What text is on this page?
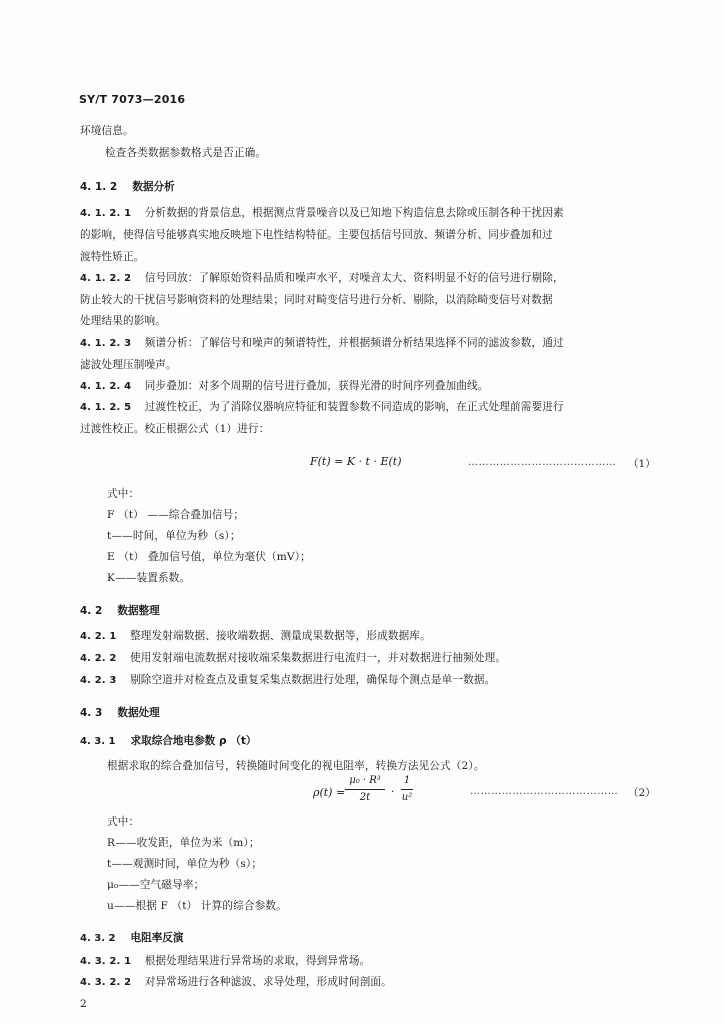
SY/T 7073—2016
环境信息。
检查各类数据参数格式是否正确。
4. 1. 2 数据分析
4. 1. 2. 1 分析数据的背景信息，根据测点背景噪音以及已知地下构造信息去除或压制各种干扰因素
的影响，使得信号能够真实地反映地下电性结构特征。主要包括信号回放、频谱分析、同步叠加和过
渡特性矫正。
4. 1. 2. 2 信号回放：了解原始资料品质和噪声水平，对噪音太大、资料明显不好的信号进行剔除，
防止较大的干扰信号影响资料的处理结果；同时对畸变信号进行分析、剔除，以消除畸变信号对数据
处理结果的影响。
4. 1. 2. 3 频谱分析：了解信号和噪声的频谱特性，并根据频谱分析结果选择不同的滤波参数，通过
滤波处理压制噪声。
4. 1. 2. 4 同步叠加：对多个周期的信号进行叠加，获得光滑的时间序列叠加曲线。
4. 1. 2. 5 过渡性校正，为了消除仪器响应特征和装置参数不同造成的影响，在正式处理前需要进行
过渡性校正。校正根据公式（1）进行：
F(t) = K · t · E(t)	…………………………………… （1）
式中：
F （t） ——综合叠加信号；
t——时间，单位为秒（s）；
E （t） 叠加信号值，单位为毫伏（mV）；
K——装置系数。
4. 2 数据整理
4. 2. 1 整理发射端数据、接收端数据、测量成果数据等，形成数据库。
4. 2. 2 使用发射端电流数据对接收端采集数据进行电流归一，并对数据进行抽频处理。
4. 2. 3 剔除空道并对检查点及重复采集点数据进行处理，确保每个测点是单一数据。
4. 3 数据处理
4. 3. 1 求取综合地电参数 ρ （t）
根据求取的综合叠加信号，转换随时间变化的视电阻率，转换方法见公式（2）。
ρ(t) =
μ₀ · R³
2t	·
1
u²
…………………………………… （2）
式中：
R——收发距，单位为米（m）；
t——观测时间，单位为秒（s）；
μ₀——空气磁导率；
u——根据 F （t） 计算的综合参数。
4. 3. 2 电阻率反演
4. 3. 2. 1 根据处理结果进行异常场的求取，得到异常场。
4. 3. 2. 2 对异常场进行各种滤波、求导处理，形成时间剖面。
2
